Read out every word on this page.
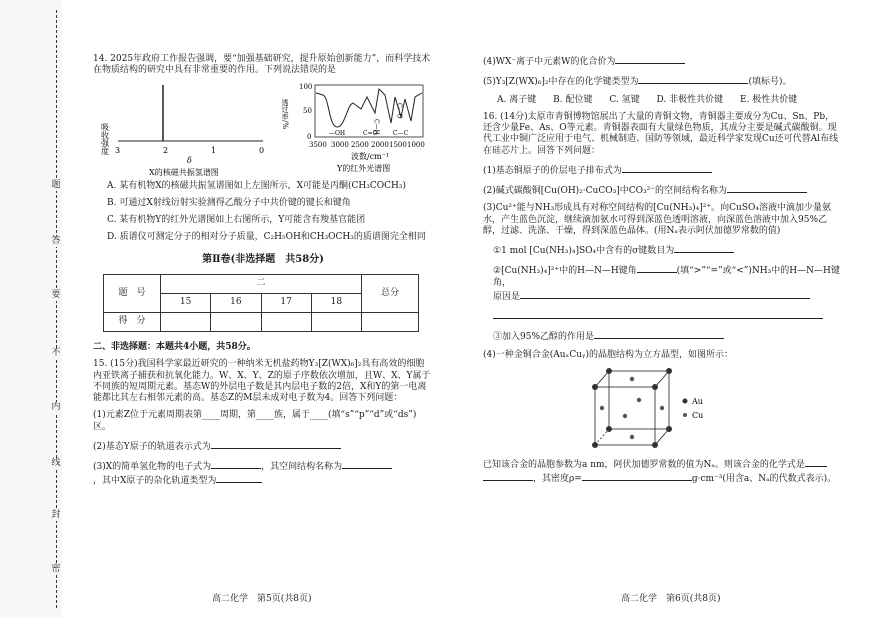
题
答
要
不
内
线
封
密

14. 2025年政府工作报告强调，要“加强基础研究，提升原始创新能力”，而科学技术在物质结构的研究中具有非常重要的作用。下列说法错误的是

吸收强度 3	2	1	0
δ
X的核磁共振氢谱图
透过率/%
100
50
0	—OH	C=O	C—C
C—H
C—O
3500 3000 2500 2000 1500 1000
波数/cm⁻¹
Y的红外光谱图

A. 某有机物X的核磁共振氢谱图如上左图所示，X可能是丙酮(CH₃COCH₃)

B. 可通过X射线衍射实验测得乙酸分子中共价键的键长和键角

C. 某有机物Y的红外光谱图如上右图所示，Y可能含有羧基官能团

D. 质谱仪可测定分子的相对分子质量，C₂H₅OH和CH₃OCH₃的质谱图完全相同

第Ⅱ卷(非选择题　共58分)
题　号	二				总分
	15	16	17	18	
得　分					

二、非选择题：本题共4小题，共58分。

15. (15分)我国科学家最近研究的一种纳米无机盐药物Y₃[Z(WX)₆]₂具有高效的细胞内亚铁离子捕获和抗氧化能力。W、X、Y、Z的原子序数依次增加，且W、X、Y属于不同族的短周期元素。基态W的外层电子数是其内层电子数的2倍，X和Y的第一电离能都比其左右相邻元素的高。基态Z的M层未成对电子数为4。回答下列问题：

(1)元素Z位于元素周期表第____周期，第____族，属于____(填“s”“p”“d”或“ds”)区。

(2)基态Y原子的轨道表示式为

(3)X的简单氢化物的电子式为	，其空间结构名称为
，其中X原子的杂化轨道类型为

高二化学　第5页(共8页)

(4)WX⁻离子中元素W的化合价为

(5)Y₃[Z(WX)₆]₂中存在的化学键类型为	(填标号)。

A. 离子键 B. 配位键 C. 氢键 D. 非极性共价键 E. 极性共价键

16. (14分)太原市青铜博物馆展出了大量的青铜文物，青铜器主要成分为Cu、Sn、Pb，还含少量Fe、As、O等元素。青铜器表面有大量绿色物质，其成分主要是碱式碳酸铜。现代工业中铜广泛应用于电气、机械制造、国防等领域，最近科学家发现Cu还可代替Al布线在硅芯片上。回答下列问题：

(1)基态铜原子的价层电子排布式为

(2)碱式碳酸铜[Cu(OH)₂·CuCO₃]中CO₃²⁻的空间结构名称为

(3)Cu²⁺能与NH₃形成具有对称空间结构的[Cu(NH₃)₄]²⁺。向CuSO₄溶液中滴加少量氨水，产生蓝色沉淀，继续滴加氨水可得到深蓝色透明溶液，向深蓝色溶液中加入95%乙醇，过滤、洗涤、干燥，得到深蓝色晶体。(用Nₐ表示阿伏加德罗常数的值)

①1 mol [Cu(NH₃)₄]SO₄中含有的σ键数目为

②[Cu(NH₃)₄]²⁺中的H—N—H键角	(填“>”“=”或“<”)NH₃中的H—N—H键角，
原因是

③加入95%乙醇的作用是

(4)一种金铜合金(AuₓCuᵧ)的晶胞结构为立方晶型，如图所示：

Au
Cu

已知该合金的晶胞参数为a nm，阿伏加德罗常数的值为Nₐ。则该合金的化学式是
，其密度ρ=	g·cm⁻³(用含a、Nₐ的代数式表示)。

高二化学　第6页(共8页)
